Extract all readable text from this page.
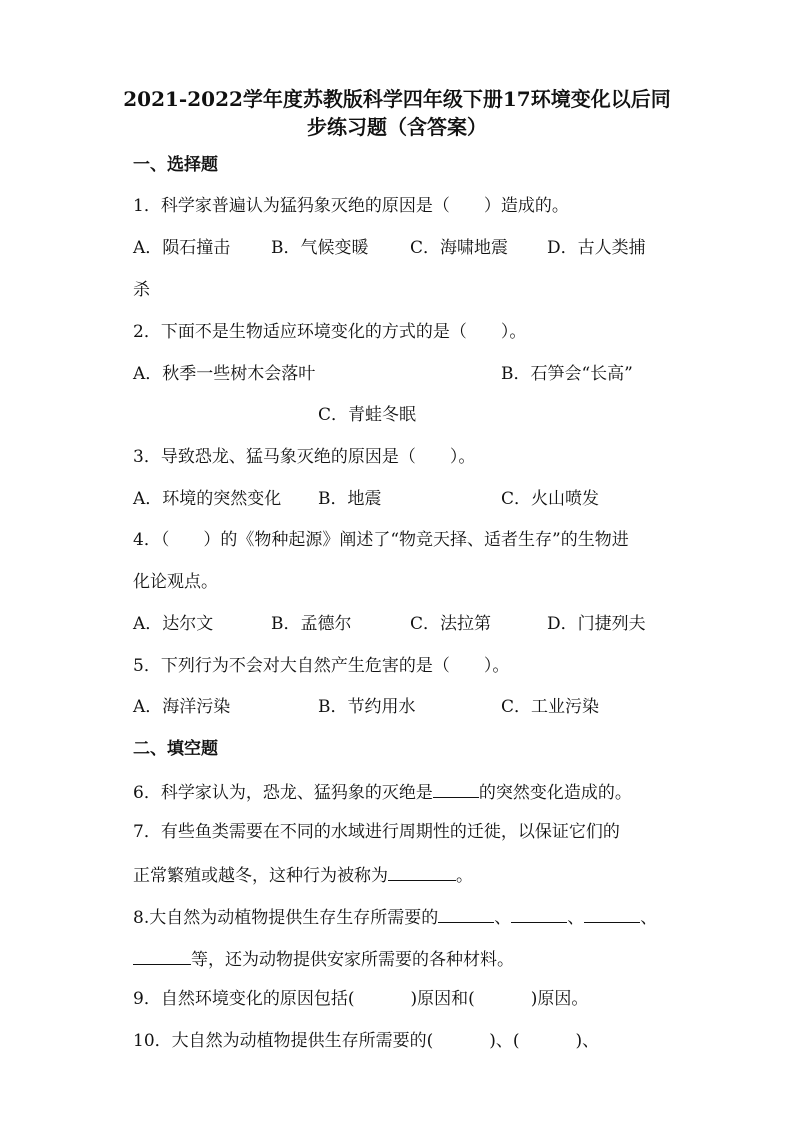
2021-2022学年度苏教版科学四年级下册17环境变化以后同
步练习题（含答案）
一、选择题
1．科学家普遍认为猛犸象灭绝的原因是（　　）造成的。
A．陨石撞击 B．气候变暖 C．海啸地震 D．古人类捕
杀
2．下面不是生物适应环境变化的方式的是（　　）。
A．秋季一些树木会落叶	B．石笋会“长高”
C．青蛙冬眠
3．导致恐龙、猛马象灭绝的原因是（　　）。
A．环境的突然变化 B．地震	C．火山喷发
4．（　　）的《物种起源》阐述了“物竞天择、适者生存”的生物进
化论观点。
A．达尔文	B．孟德尔	C．法拉第	D．门捷列夫
5．下列行为不会对大自然产生危害的是（　　）。
A．海洋污染	B．节约用水	C．工业污染
二、填空题
6．科学家认为，恐龙、猛犸象的灭绝是	的突然变化造成的。
7．有些鱼类需要在不同的水域进行周期性的迁徙，以保证它们的
正常繁殖或越冬，这种行为被称为	。
8.大自然为动植物提供生存生存所需要的	、	、	、
等，还为动物提供安家所需要的各种材料。
9．自然环境变化的原因包括(	)原因和(	)原因。
10．大自然为动植物提供生存所需要的(	)、(	)、
